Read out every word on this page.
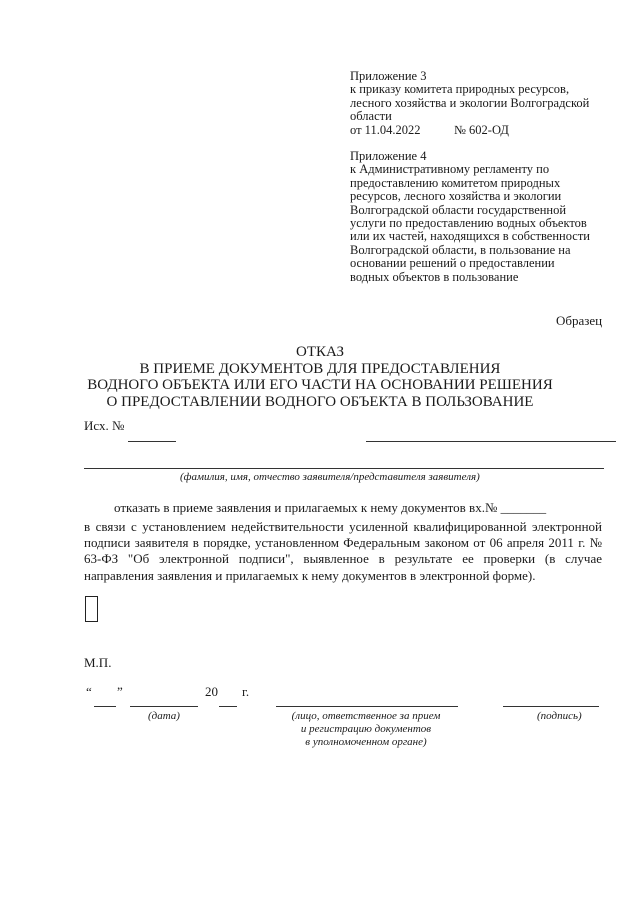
Приложение 3
к приказу комитета природных ресурсов,
лесного хозяйства и экологии Волгоградской
области
от 11.04.2022	№ 602-ОД
Приложение 4
к Административному регламенту по
предоставлению комитетом природных
ресурсов, лесного хозяйства и экологии
Волгоградской области государственной
услуги по предоставлению водных объектов
или их частей, находящихся в собственности
Волгоградской области, в пользование на
основании решений о предоставлении
водных объектов в пользование
Образец
ОТКАЗ
В ПРИЕМЕ ДОКУМЕНТОВ ДЛЯ ПРЕДОСТАВЛЕНИЯ
ВОДНОГО ОБЪЕКТА ИЛИ ЕГО ЧАСТИ НА ОСНОВАНИИ РЕШЕНИЯ
О ПРЕДОСТАВЛЕНИИ ВОДНОГО ОБЪЕКТА В ПОЛЬЗОВАНИЕ
Исх. №
(фамилия, имя, отчество заявителя/представителя заявителя)
отказать в приеме заявления и прилагаемых к нему документов вх.№ _______
в связи с установлением недействительности усиленной квалифицированной электронной подписи заявителя в порядке, установленном Федеральным законом от 06 апреля 2011 г. № 63-ФЗ "Об электронной подписи", выявленное в результате ее проверки (в случае направления заявления и прилагаемых к нему документов в электронной форме).
М.П.
“ ”	20 г.
(дата)	(лицо, ответственное за прием
и регистрацию документов
в уполномоченном органе)
(подпись)
